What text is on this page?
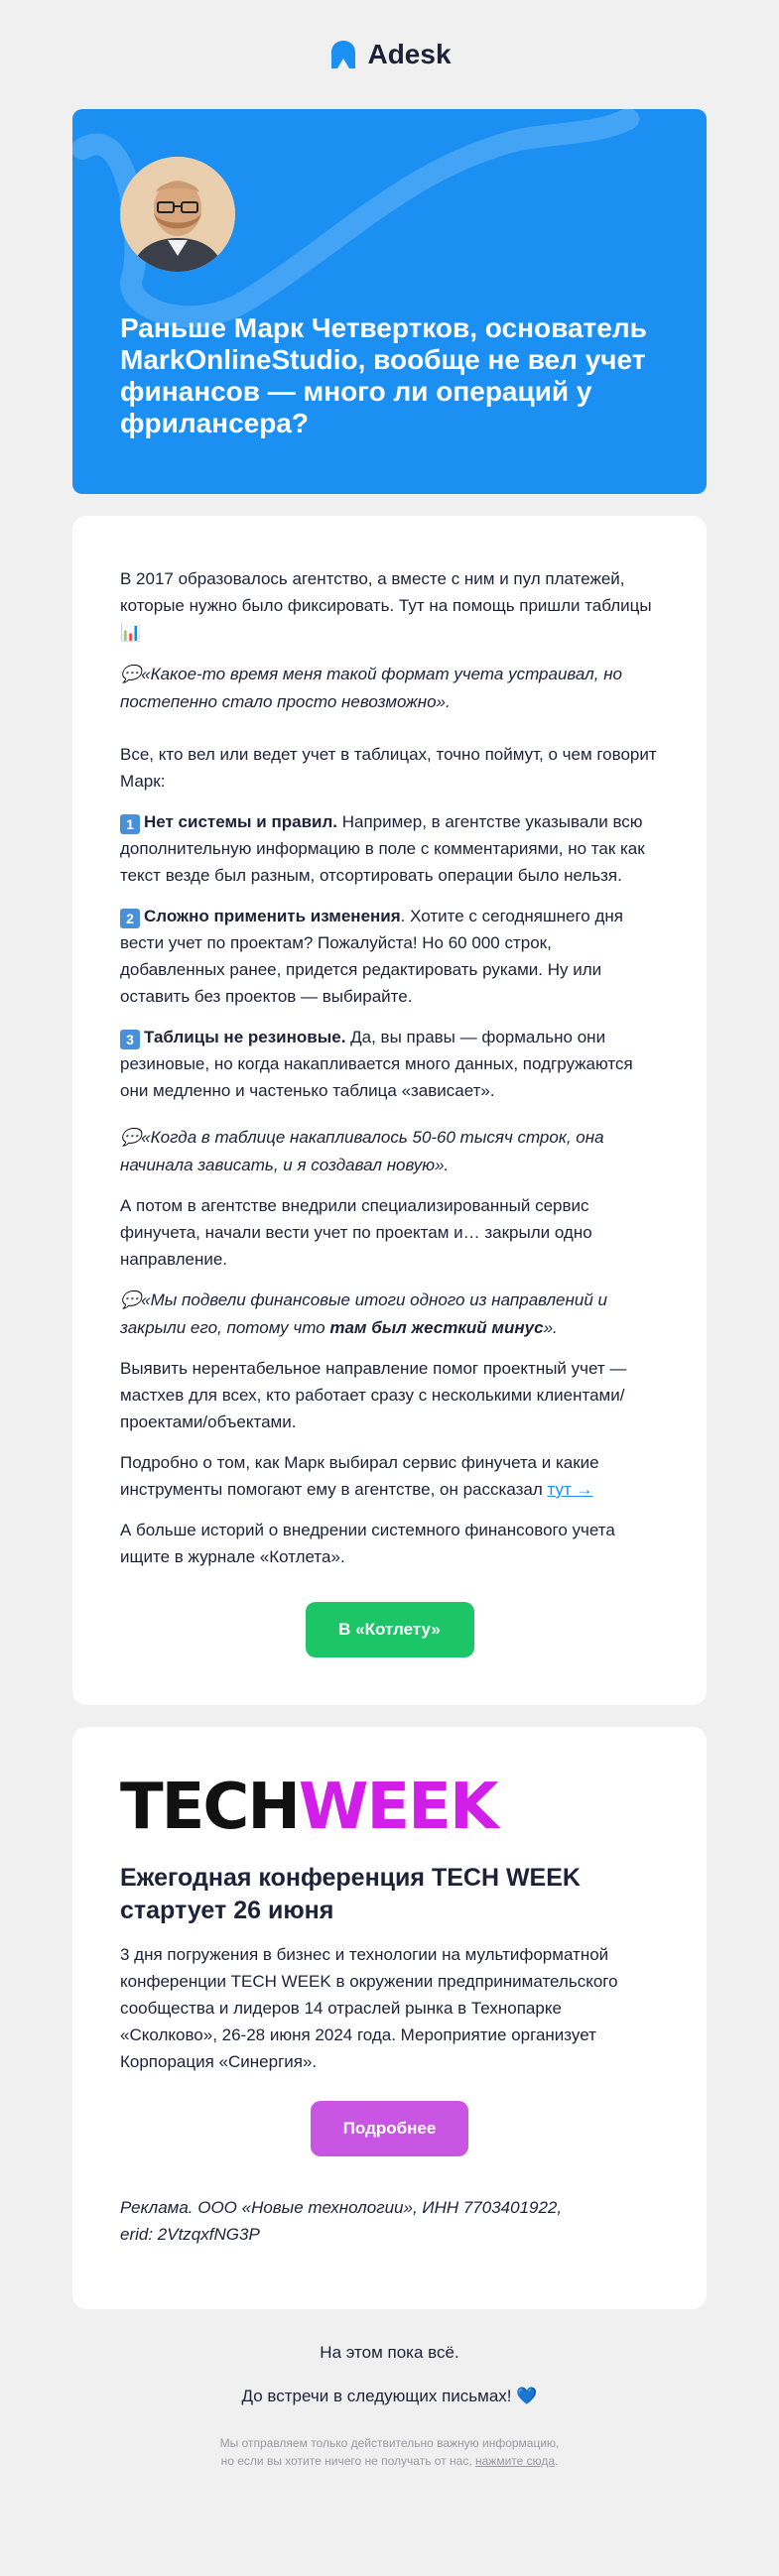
Adesk
Раньше Марк Четвертков, основатель MarkOnlineStudio, вообще не вел учет финансов — много ли операций у фрилансера?

В 2017 образовалось агентство, а вместе с ним и пул платежей, которые нужно было фиксировать. Тут на помощь пришли таблицы 📊

💬«Какое-то время меня такой формат учета устраивал, но постепенно стало просто невозможно».

Все, кто вел или ведет учет в таблицах, точно поймут, о чем говорит Марк:

1 Нет системы и правил. Например, в агентстве указывали всю дополнительную информацию в поле с комментариями, но так как текст везде был разным, отсортировать операции было нельзя.

2 Сложно применить изменения. Хотите с сегодняшнего дня вести учет по проектам? Пожалуйста! Но 60 000 строк, добавленных ранее, придется редактировать руками. Ну или оставить без проектов — выбирайте.

3 Таблицы не резиновые. Да, вы правы — формально они резиновые, но когда накапливается много данных, подгружаются они медленно и частенько таблица «зависает».

💬«Когда в таблице накапливалось 50-60 тысяч строк, она начинала зависать, и я создавал новую».

А потом в агентстве внедрили специализированный сервис финучета, начали вести учет по проектам и… закрыли одно направление.

💬«Мы подвели финансовые итоги одного из направлений и закрыли его, потому что там был жесткий минус».

Выявить нерентабельное направление помог проектный учет — мастхев для всех, кто работает сразу с несколькими клиентами/проектами/объектами.

Подробно о том, как Марк выбирал сервис финучета и какие инструменты помогают ему в агентстве, он рассказал тут →

А больше историй о внедрении системного финансового учета ищите в журнале «Котлета».

В «Котлету»
TECHWEEK
Ежегодная конференция TECH WEEK стартует 26 июня

3 дня погружения в бизнес и технологии на мультиформатной конференции TECH WEEK в окружении предпринимательского сообщества и лидеров 14 отраслей рынка в Технопарке «Сколково», 26-28 июня 2024 года. Мероприятие организует Корпорация «Синергия».

Подробнее

Реклама. ООО «Новые технологии», ИНН 7703401922,
erid: 2VtzqxfNG3P

На этом пока всё.

До встречи в следующих письмах! 💙

Мы отправляем только действительно важную информацию,
но если вы хотите ничего не получать от нас, нажмите сюда.
